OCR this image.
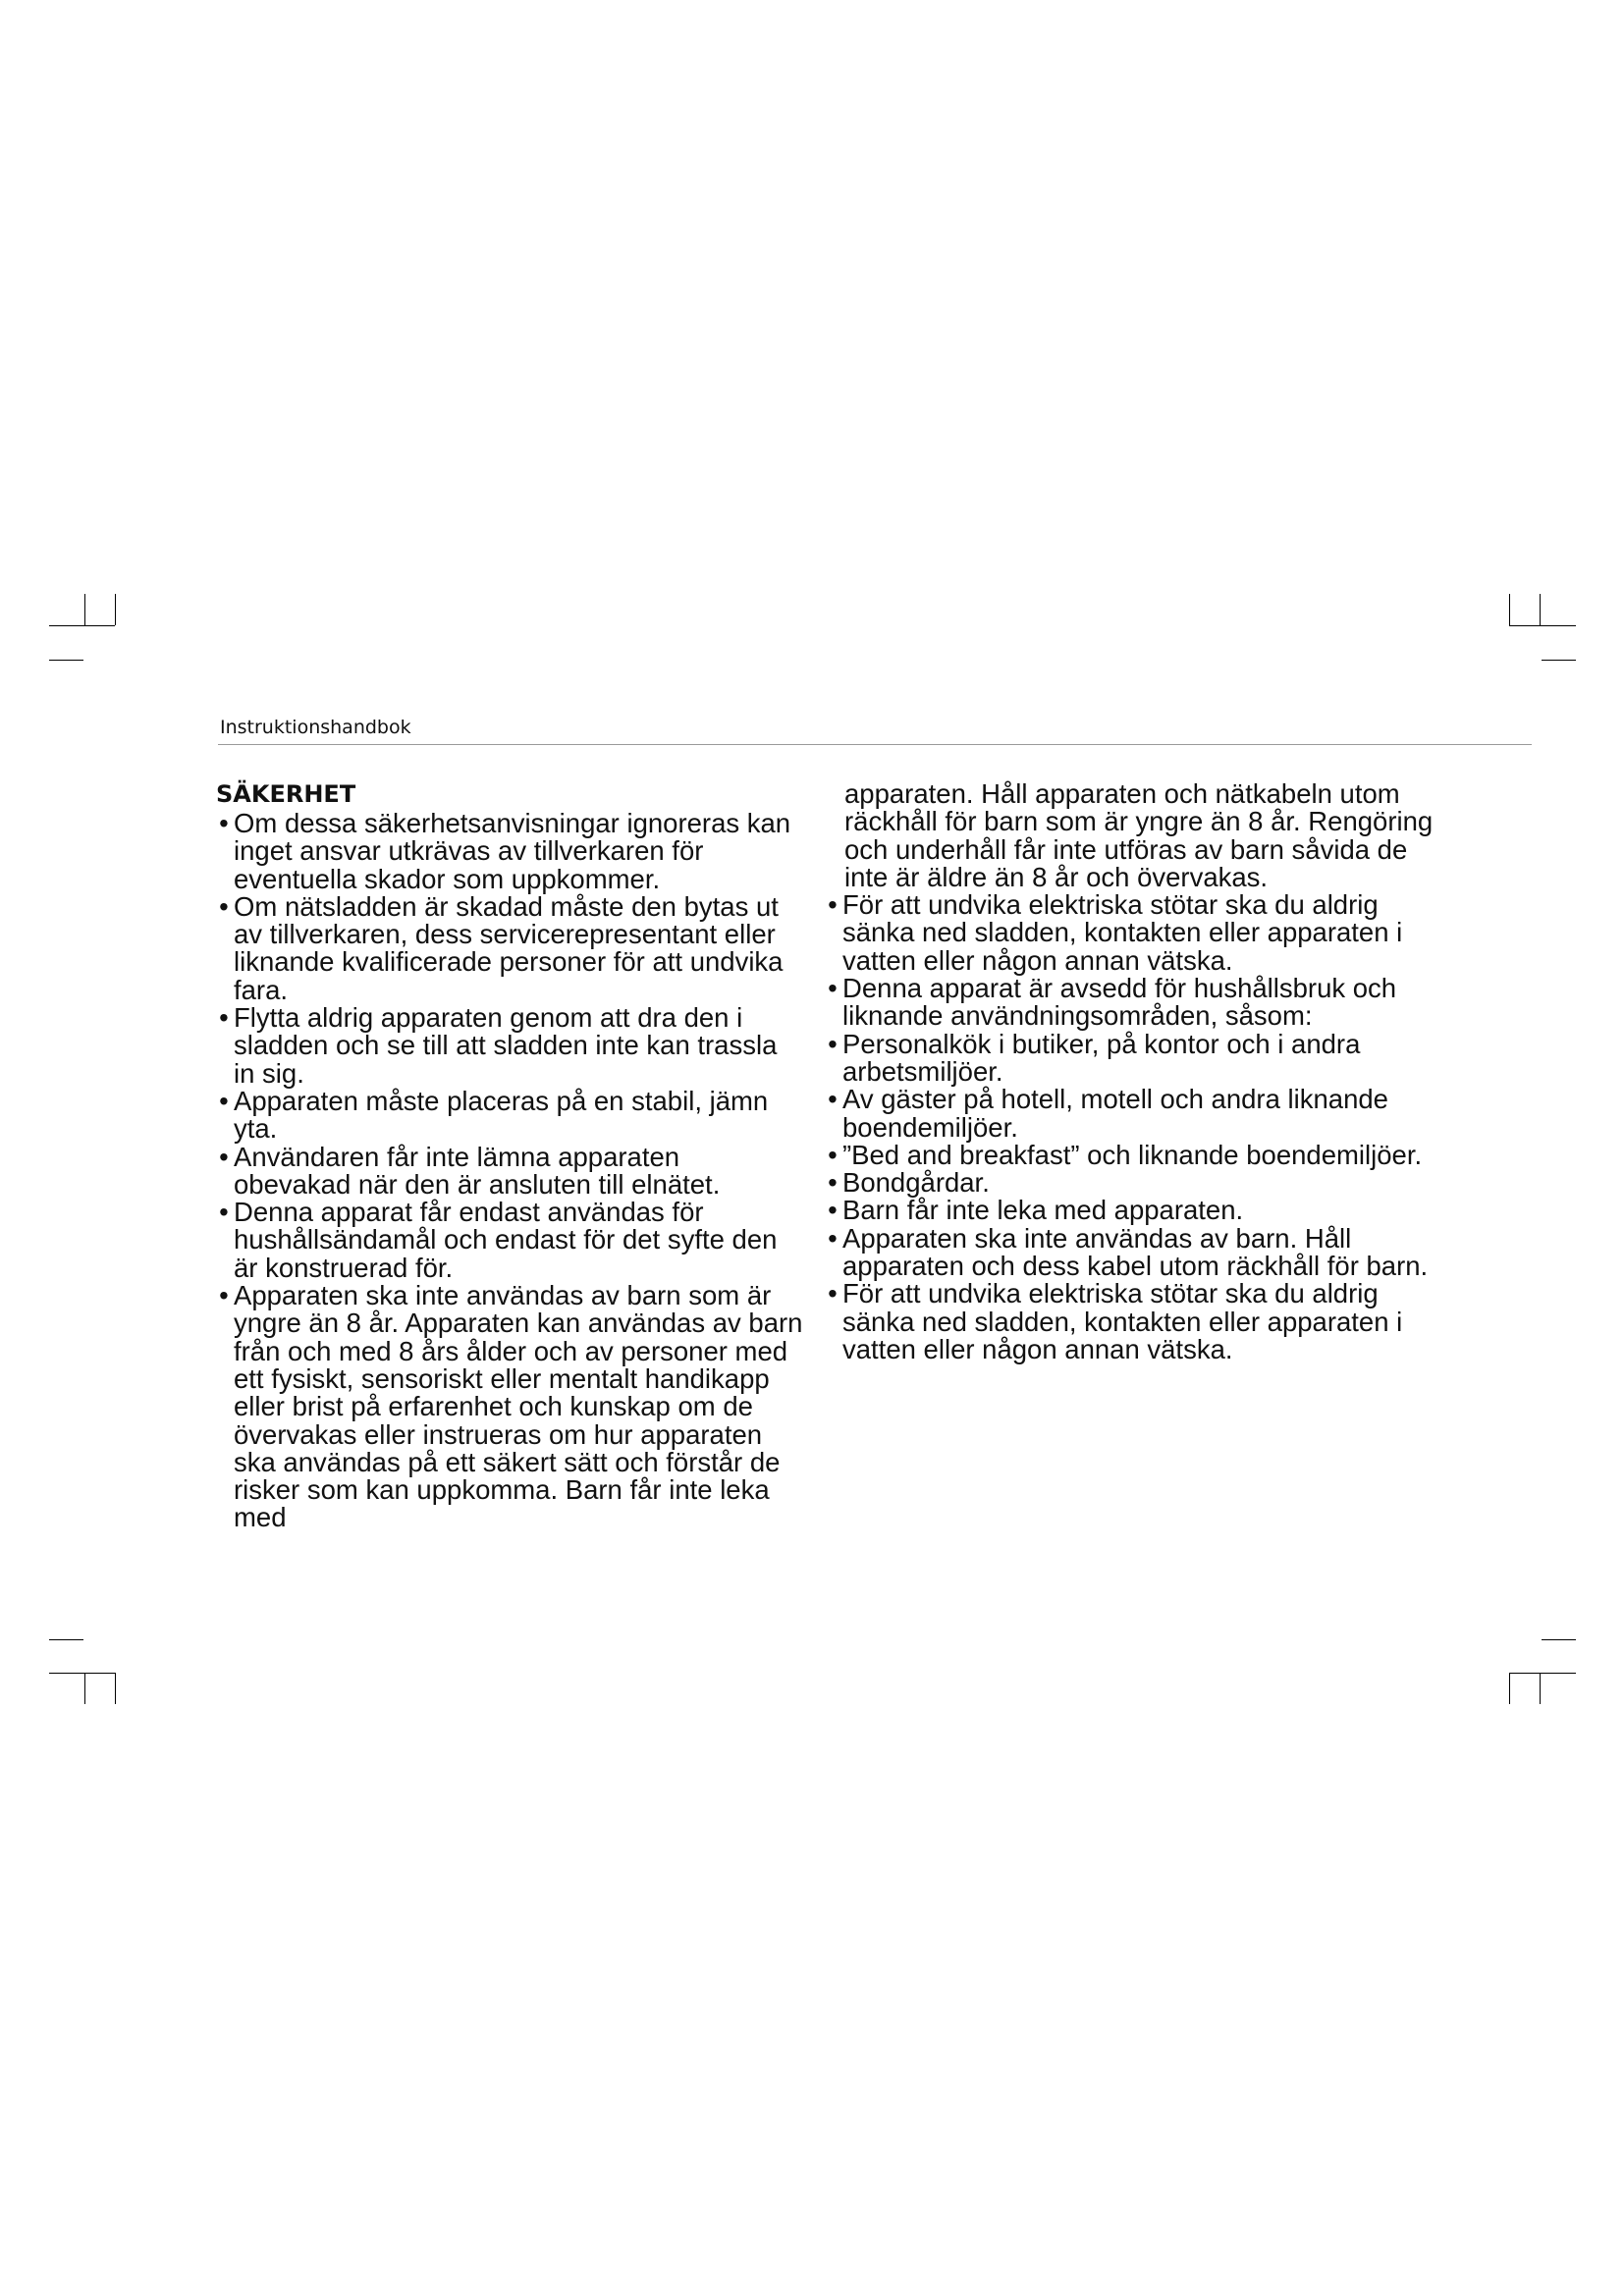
Instruktionshandbok
SÄKERHET
• Om dessa säkerhetsanvisningar ignoreras kan inget ansvar utkrävas av tillverkaren för eventuella skador som uppkommer.
• Om nätsladden är skadad måste den bytas ut av tillverkaren, dess servicerepresentant eller liknande kvalificerade personer för att undvika fara.
• Flytta aldrig apparaten genom att dra den i sladden och se till att sladden inte kan trassla in sig.
• Apparaten måste placeras på en stabil, jämn yta.
• Användaren får inte lämna apparaten obevakad när den är ansluten till elnätet.
• Denna apparat får endast användas för hushållsändamål och endast för det syfte den är konstruerad för.
• Apparaten ska inte användas av barn som är yngre än 8 år. Apparaten kan användas av barn från och med 8 års ålder och av personer med ett fysiskt, sensoriskt eller mentalt handikapp eller brist på erfarenhet och kunskap om de övervakas eller instrueras om hur apparaten ska användas på ett säkert sätt och förstår de risker som kan uppkomma. Barn får inte leka med
apparaten. Håll apparaten och nätkabeln utom räckhåll för barn som är yngre än 8 år. Rengöring och underhåll får inte utföras av barn såvida de inte är äldre än 8 år och övervakas.
• För att undvika elektriska stötar ska du aldrig sänka ned sladden, kontakten eller apparaten i vatten eller någon annan vätska.
• Denna apparat är avsedd för hushållsbruk och liknande användningsområden, såsom:
• Personalkök i butiker, på kontor och i andra arbetsmiljöer.
• Av gäster på hotell, motell och andra liknande boendemiljöer.
• ”Bed and breakfast” och liknande boendemiljöer.
• Bondgårdar.
• Barn får inte leka med apparaten.
• Apparaten ska inte användas av barn. Håll apparaten och dess kabel utom räckhåll för barn.
• För att undvika elektriska stötar ska du aldrig sänka ned sladden, kontakten eller apparaten i vatten eller någon annan vätska.
